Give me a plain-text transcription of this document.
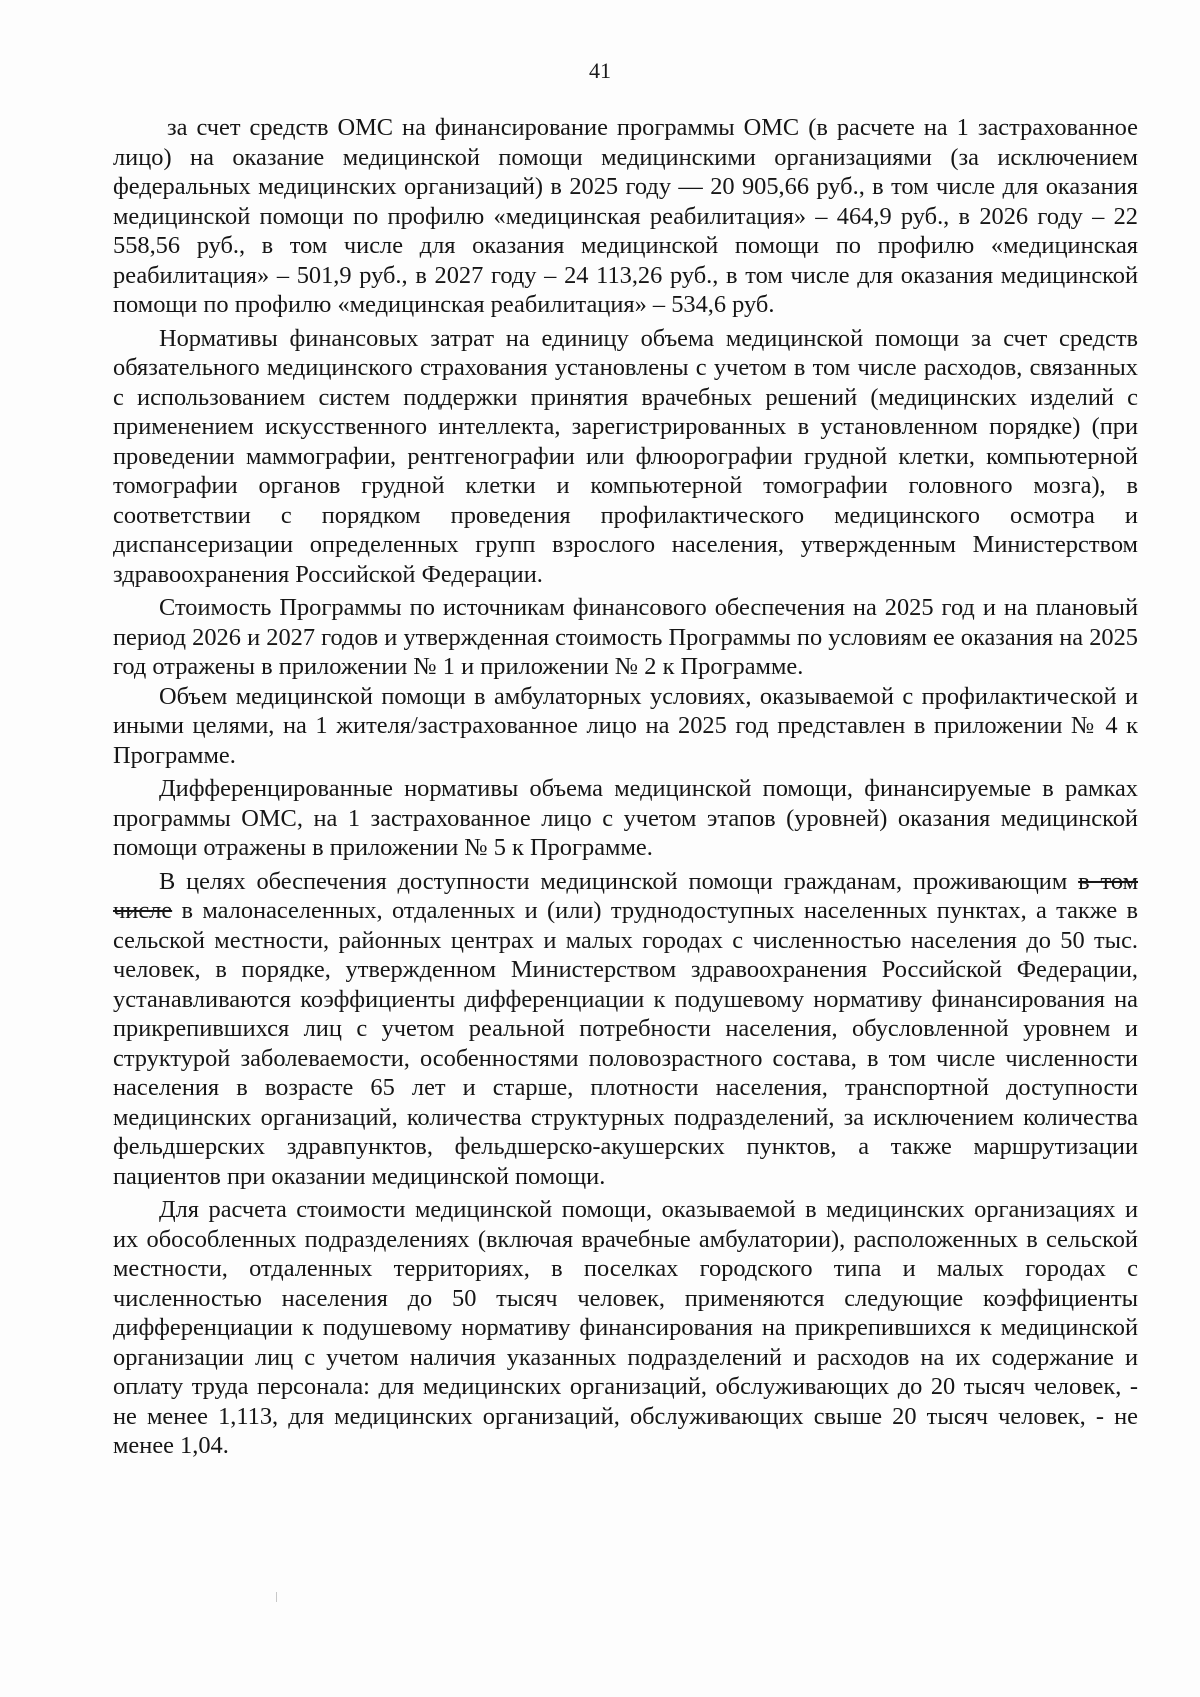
41

за счет средств ОМС на финансирование программы ОМС (в расчете на 1 застрахованное лицо) на оказание медицинской помощи медицинскими организациями (за исключением федеральных медицинских организаций) в 2025 году — 20 905,66 руб., в том числе для оказания медицинской помощи по профилю «медицинская реабилитация» – 464,9 руб., в 2026 году – 22 558,56 руб., в том числе для оказания медицинской помощи по профилю «медицинская реабилитация» – 501,9 руб., в 2027 году – 24 113,26 руб., в том числе для оказания медицинской помощи по профилю «медицинская реабилитация» – 534,6 руб.

Нормативы финансовых затрат на единицу объема медицинской помощи за счет средств обязательного медицинского страхования установлены с учетом в том числе расходов, связанных с использованием систем поддержки принятия врачебных решений (медицинских изделий с применением искусственного интеллекта, зарегистрированных в установленном порядке) (при проведении маммографии, рентгенографии или флюорографии грудной клетки, компьютерной томографии органов грудной клетки и компьютерной томографии головного мозга), в соответствии с порядком проведения профилактического медицинского осмотра и диспансеризации определенных групп взрослого населения, утвержденным Министерством здравоохранения Российской Федерации.

Стоимость Программы по источникам финансового обеспечения на 2025 год и на плановый период 2026 и 2027 годов и утвержденная стоимость Программы по условиям ее оказания на 2025 год отражены в приложении № 1 и приложении № 2 к Программе.

Объем медицинской помощи в амбулаторных условиях, оказываемой с профилактической и иными целями, на 1 жителя/застрахованное лицо на 2025 год представлен в приложении № 4 к Программе.

Дифференцированные нормативы объема медицинской помощи, финансируемые в рамках программы ОМС, на 1 застрахованное лицо с учетом этапов (уровней) оказания медицинской помощи отражены в приложении № 5 к Программе.

В целях обеспечения доступности медицинской помощи гражданам, проживающим в том числе в малонаселенных, отдаленных и (или) труднодоступных населенных пунктах, а также в сельской местности, районных центрах и малых городах с численностью населения до 50 тыс. человек, в порядке, утвержденном Министерством здравоохранения Российской Федерации, устанавливаются коэффициенты дифференциации к подушевому нормативу финансирования на прикрепившихся лиц с учетом реальной потребности населения, обусловленной уровнем и структурой заболеваемости, особенностями половозрастного состава, в том числе численности населения в возрасте 65 лет и старше, плотности населения, транспортной доступности медицинских организаций, количества структурных подразделений, за исключением количества фельдшерских здравпунктов, фельдшерско-акушерских пунктов, а также маршрутизации пациентов при оказании медицинской помощи.

Для расчета стоимости медицинской помощи, оказываемой в медицинских организациях и их обособленных подразделениях (включая врачебные амбулатории), расположенных в сельской местности, отдаленных территориях, в поселках городского типа и малых городах с численностью населения до 50 тысяч человек, применяются следующие коэффициенты дифференциации к подушевому нормативу финансирования на прикрепившихся к медицинской организации лиц с учетом наличия указанных подразделений и расходов на их содержание и оплату труда персонала: для медицинских организаций, обслуживающих до 20 тысяч человек, - не менее 1,113, для медицинских организаций, обслуживающих свыше 20 тысяч человек, - не менее 1,04.
